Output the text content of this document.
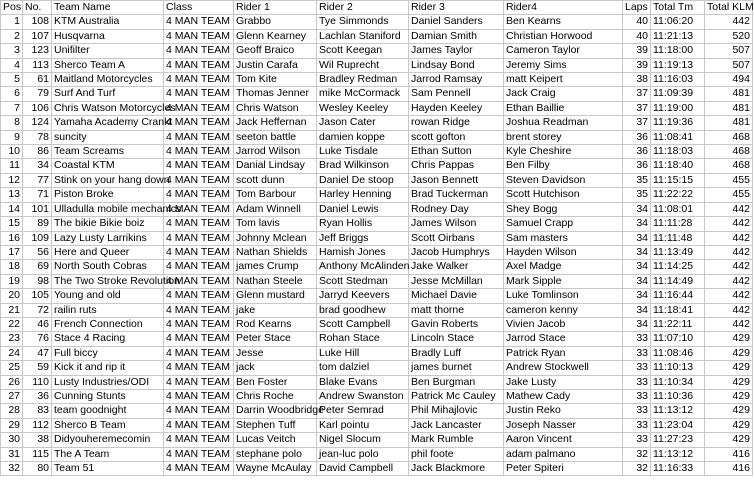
Pos	No.	Team Name	Class	Rider 1	Rider 2	Rider 3	Rider4	Laps	Total Tm	Total KLM
1	108	KTM Australia	4 MAN TEAM	Grabbo	Tye Simmonds	Daniel Sanders	Ben Kearns	40	11:06:20	442
2	107	Husqvarna	4 MAN TEAM	Glenn Kearney	Lachlan Staniford	Damian Smith	Christian Horwood	40	11:21:13	520
3	123	Unifilter	4 MAN TEAM	Geoff Braico	Scott Keegan	James Taylor	Cameron Taylor	39	11:18:00	507
4	113	Sherco Team A	4 MAN TEAM	Justin Carafa	Wil Ruprecht	Lindsay Bond	Jeremy Sims	39	11:19:13	507
5	61	Maitland Motorcycles	4 MAN TEAM	Tom Kite	Bradley Redman	Jarrod Ramsay	matt Keipert	38	11:16:03	494
6	79	Surf And Turf	4 MAN TEAM	Thomas Jenner	mike McCormack	Sam Pennell	Jack Craig	37	11:09:39	481
7	106	Chris Watson Motorcycles	4 MAN TEAM	Chris Watson	Wesley Keeley	Hayden Keeley	Ethan Baillie	37	11:19:00	481
8	124	Yamaha Academy Crankt	4 MAN TEAM	Jack Heffernan	Jason Cater	rowan Ridge	Joshua Readman	37	11:19:36	481
9	78	suncity	4 MAN TEAM	seeton battle	damien koppe	scott gofton	brent storey	36	11:08:41	468
10	86	Team Screams	4 MAN TEAM	Jarrod Wilson	Luke Tisdale	Ethan Sutton	Kyle Cheshire	36	11:18:03	468
11	34	Coastal KTM	4 MAN TEAM	Danial Lindsay	Brad Wilkinson	Chris Pappas	Ben Filby	36	11:18:40	468
12	77	Stink on your hang down	4 MAN TEAM	scott dunn	Daniel De stoop	Jason Bennett	Steven Davidson	35	11:15:15	455
13	71	Piston Broke	4 MAN TEAM	Tom Barbour	Harley Henning	Brad Tuckerman	Scott Hutchison	35	11:22:22	455
14	101	Ulladulla mobile mechanics	4 MAN TEAM	Adam Winnell	Daniel Lewis	Rodney Day	Shey Bogg	34	11:08:01	442
15	89	The bikie Bikie boiz	4 MAN TEAM	Tom lavis	Ryan Hollis	James Wilson	Samuel Crapp	34	11:11:28	442
16	109	Lazy Lusty Larrikins	4 MAN TEAM	Johnny Mclean	Jeff Briggs	Scott Oirbans	Sam masters	34	11:11:48	442
17	56	Here and Queer	4 MAN TEAM	Nathan Shields	Hamish Jones	Jacob Humphrys	Hayden Wilson	34	11:13:49	442
18	69	North South Cobras	4 MAN TEAM	james Crump	Anthony McAlinden	Jake Walker	Axel Madge	34	11:14:25	442
19	98	The Two Stroke Revolution	4 MAN TEAM	Nathan Steele	Scott Stedman	Jesse McMillan	Mark Sipple	34	11:14:49	442
20	105	Young and old	4 MAN TEAM	Glenn mustard	Jarryd Keevers	Michael Davie	Luke Tomlinson	34	11:16:44	442
21	72	railin ruts	4 MAN TEAM	jake	brad goodhew	matt thorne	cameron kenny	34	11:18:41	442
22	46	French Connection	4 MAN TEAM	Rod Kearns	Scott Campbell	Gavin Roberts	Vivien Jacob	34	11:22:11	442
23	76	Stace 4 Racing	4 MAN TEAM	Peter Stace	Rohan Stace	Lincoln Stace	Jarrod Stace	33	11:07:10	429
24	47	Full biccy	4 MAN TEAM	Jesse	Luke Hill	Bradly Luff	Patrick Ryan	33	11:08:46	429
25	59	Kick it and rip it	4 MAN TEAM	jack	tom dalziel	james burnet	Andrew Stockwell	33	11:10:13	429
26	110	Lusty Industries/ODI	4 MAN TEAM	Ben Foster	Blake Evans	Ben Burgman	Jake Lusty	33	11:10:34	429
27	36	Cunning Stunts	4 MAN TEAM	Chris Roche	Andrew Swanston	Patrick Mc Cauley	Mathew Cady	33	11:10:36	429
28	83	team goodnight	4 MAN TEAM	Darrin Woodbridge	Peter Semrad	Phil Mihajlovic	Justin Reko	33	11:13:12	429
29	112	Sherco B Team	4 MAN TEAM	Stephen Tuff	Karl pointu	Jack Lancaster	Joseph Nasser	33	11:23:04	429
30	38	Didyouheremecomin	4 MAN TEAM	Lucas Veitch	Nigel Slocum	Mark Rumble	Aaron Vincent	33	11:27:23	429
31	115	The A Team	4 MAN TEAM	stephane polo	jean-luc polo	phil foote	adam palmano	32	11:13:12	416
32	80	Team 51	4 MAN TEAM	Wayne McAulay	David Campbell	Jack Blackmore	Peter Spiteri	32	11:16:33	416
